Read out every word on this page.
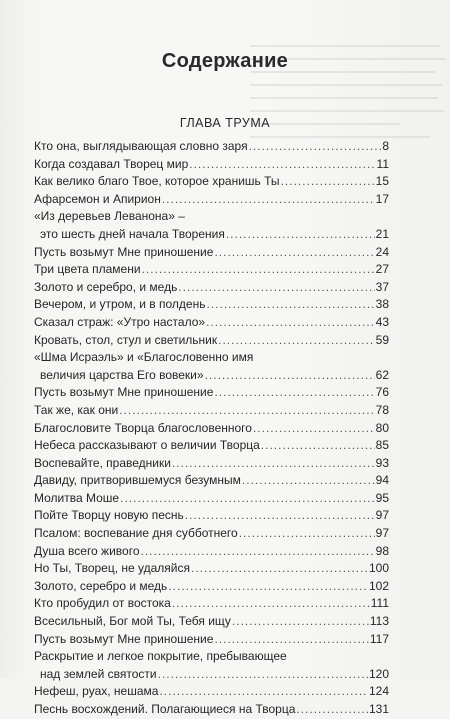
Содержание
ГЛАВА ТРУМА
Кто она, выглядывающая словно заря .....	8
Когда создавал Творец мир .....	11
Как велико благо Твое, которое хранишь Ты .....	15
Афарсемон и Апирион .....	17
«Из деревьев Леванона» –
это шесть дней начала Творения .....	21
Пусть возьмут Мне приношение .....	24
Три цвета пламени .....	27
Золото и серебро, и медь .....	37
Вечером, и утром, и в полдень .....	38
Сказал страж: «Утро настало» .....	43
Кровать, стол, стул и светильник .....	59
«Шма Исраэль» и «Благословенно имя
величия царства Его вовеки» .....	62
Пусть возьмут Мне приношение .....	76
Так же, как они .....	78
Благословите Творца благословенного .....	80
Небеса рассказывают о величии Творца .....	85
Воспевайте, праведники .....	93
Давиду, притворившемуся безумным .....	94
Молитва Моше .....	95
Пойте Творцу новую песнь .....	97
Псалом: воспевание дня субботнего .....	97
Душа всего живого .....	98
Но Ты, Творец, не удаляйся .....	100
Золото, серебро и медь .....	102
Кто пробудил от востока .....	111
Всесильный, Бог мой Ты, Тебя ищу .....	113
Пусть возьмут Мне приношение .....	117
Раскрытие и легкое покрытие, пребывающее
над землей святости .....	120
Нефеш, руах, нешама .....	124
Песнь восхождений. Полагающиеся на Творца .....	131
